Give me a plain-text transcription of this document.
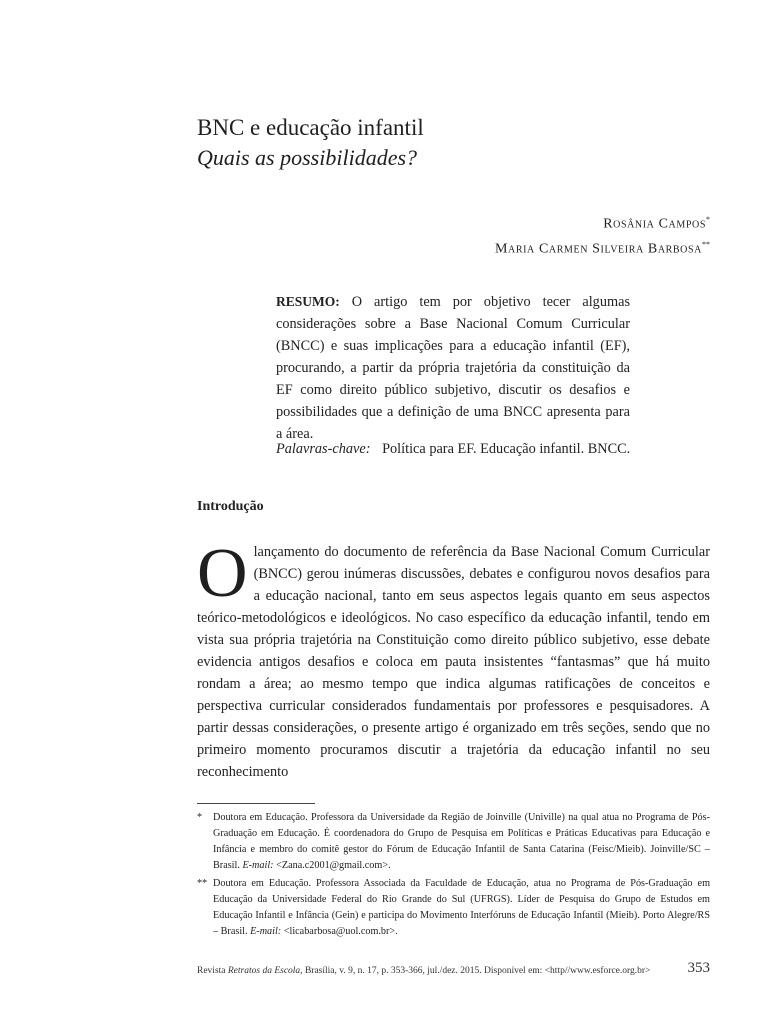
BNC e educação infantil
Quais as possibilidades?
Rosânia Campos*
Maria Carmen Silveira Barbosa**
RESUMO: O artigo tem por objetivo tecer algumas considerações sobre a Base Nacional Comum Curricular (BNCC) e suas implicações para a educação infantil (EF), procurando, a partir da própria trajetória da constituição da EF como direito público subjetivo, discutir os desafios e possibilidades que a definição de uma BNCC apresenta para a área.
Palavras-chave: Política para EF. Educação infantil. BNCC.
Introdução
Olançamento do documento de referência da Base Nacional Comum Curricular (BNCC) gerou inúmeras discussões, debates e configurou novos desafios para a educação nacional, tanto em seus aspectos legais quanto em seus aspectos teórico-metodológicos e ideológicos. No caso específico da educação infantil, tendo em vista sua própria trajetória na Constituição como direito público subjetivo, esse debate evidencia antigos desafios e coloca em pauta insistentes “fantasmas” que há muito rondam a área; ao mesmo tempo que indica algumas ratificações de conceitos e perspectiva curricular considerados fundamentais por professores e pesquisadores. A partir dessas considerações, o presente artigo é organizado em três seções, sendo que no primeiro momento procuramos discutir a trajetória da educação infantil no seu reconhecimento
* Doutora em Educação. Professora da Universidade da Região de Joinville (Univille) na qual atua no Programa de Pós-Graduação em Educação. É coordenadora do Grupo de Pesquisa em Políticas e Práticas Educativas para Educação e Infância e membro do comitê gestor do Fórum de Educação Infantil de Santa Catarina (Feisc/Mieib). Joinville/SC – Brasil. E-mail: <Zana.c2001@gmail.com>.
** Doutora em Educação. Professora Associada da Faculdade de Educação, atua no Programa de Pós-Graduação em Educação da Universidade Federal do Rio Grande do Sul (UFRGS). Líder de Pesquisa do Grupo de Estudos em Educação Infantil e Infância (Gein) e participa do Movimento Interfóruns de Educação Infantil (Mieib). Porto Alegre/RS – Brasil. E-mail: <licabarbosa@uol.com.br>.
Revista Retratos da Escola, Brasília, v. 9, n. 17, p. 353-366, jul./dez. 2015. Disponível em: <http//www.esforce.org.br> 353
